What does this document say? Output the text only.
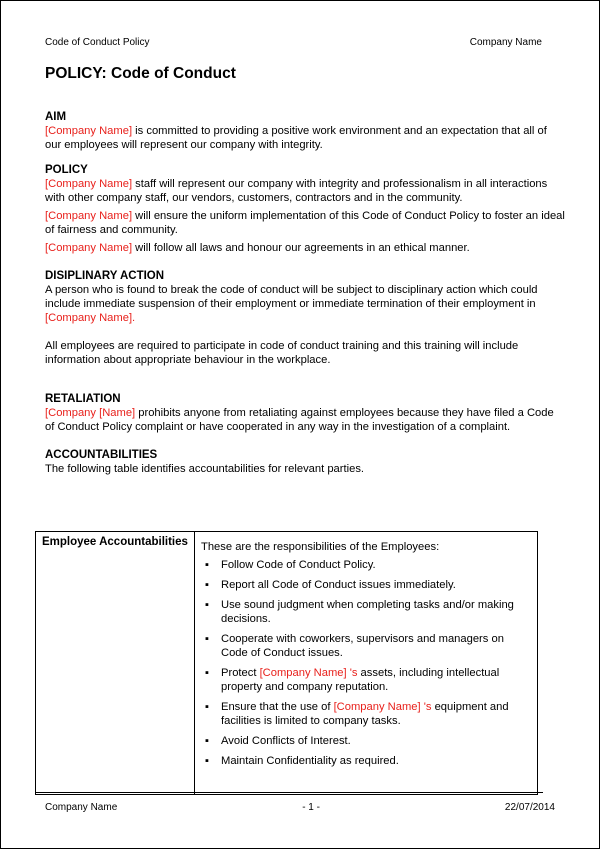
Code of Conduct Policy	Company Name
POLICY: Code of Conduct
AIM

[Company Name] is committed to providing a positive work environment and an expectation that all of our employees will represent our company with integrity.

POLICY

[Company Name] staff will represent our company with integrity and professionalism in all interactions with other company staff, our vendors, customers, contractors and in the community.

[Company Name] will ensure the uniform implementation of this Code of Conduct Policy to foster an ideal of fairness and community.

[Company Name] will follow all laws and honour our agreements in an ethical manner.

DISIPLINARY ACTION

A person who is found to break the code of conduct will be subject to disciplinary action which could include immediate suspension of their employment or immediate termination of their employment in [Company Name].

All employees are required to participate in code of conduct training and this training will include information about appropriate behaviour in the workplace.

RETALIATION

[Company [Name] prohibits anyone from retaliating against employees because they have filed a Code of Conduct Policy complaint or have cooperated in any way in the investigation of a complaint.

ACCOUNTABILITIES

The following table identifies accountabilities for relevant parties.

Employee Accountabilities	These are the responsibilities of the Employees:
▪ Follow Code of Conduct Policy.
▪ Report all Code of Conduct issues immediately.
▪ Use sound judgment when completing tasks and/or making decisions.
▪ Cooperate with coworkers, supervisors and managers on Code of Conduct issues.
▪ Protect [Company Name] 's assets, including intellectual property and company reputation.
▪ Ensure that the use of [Company Name] 's equipment and facilities is limited to company tasks.
▪ Avoid Conflicts of Interest.
▪ Maintain Confidentiality as required.
Company Name	- 1 -	22/07/2014
